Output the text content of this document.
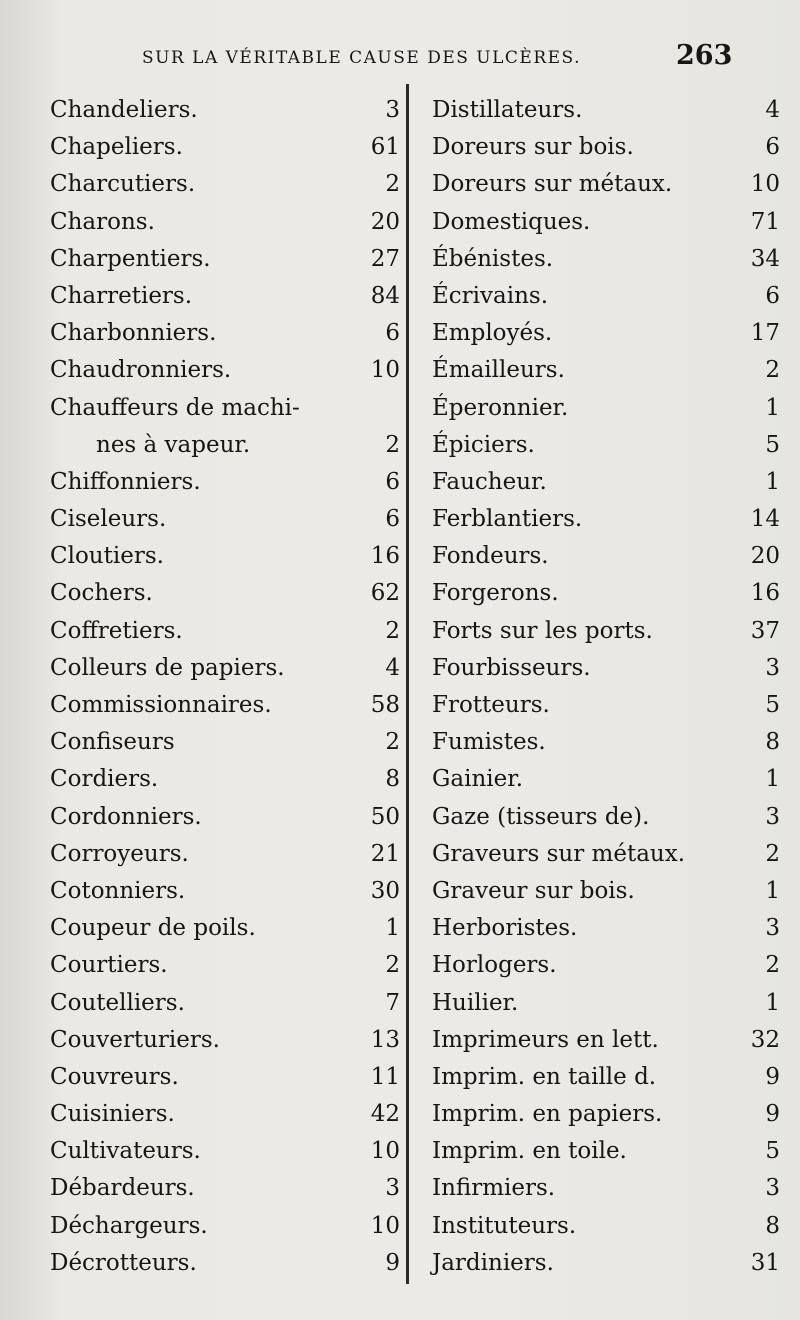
SUR LA VÉRITABLE CAUSE DES ULCÈRES.	263
Chandeliers.	3
Chapeliers.	61
Charcutiers.	2
Charons.	20
Charpentiers.	27
Charretiers.	84
Charbonniers.	6
Chaudronniers.	10
Chauffeurs de machi-
nes à vapeur.	2
Chiffonniers.	6
Ciseleurs.	6
Cloutiers.	16
Cochers.	62
Coffretiers.	2
Colleurs de papiers.	4
Commissionnaires.	58
Confiseurs	2
Cordiers.	8
Cordonniers.	50
Corroyeurs.	21
Cotonniers.	30
Coupeur de poils.	1
Courtiers.	2
Coutelliers.	7
Couverturiers.	13
Couvreurs.	11
Cuisiniers.	42
Cultivateurs.	10
Débardeurs.	3
Déchargeurs.	10
Décrotteurs.	9
Distillateurs.	4
Doreurs sur bois.	6
Doreurs sur métaux.	10
Domestiques.	71
Ébénistes.	34
Écrivains.	6
Employés.	17
Émailleurs.	2
Éperonnier.	1
Épiciers.	5
Faucheur.	1
Ferblantiers.	14
Fondeurs.	20
Forgerons.	16
Forts sur les ports.	37
Fourbisseurs.	3
Frotteurs.	5
Fumistes.	8
Gainier.	1
Gaze (tisseurs de).	3
Graveurs sur métaux.	2
Graveur sur bois.	1
Herboristes.	3
Horlogers.	2
Huilier.	1
Imprimeurs en lett.	32
Imprim. en taille d.	9
Imprim. en papiers.	9
Imprim. en toile.	5
Infirmiers.	3
Instituteurs.	8
Jardiniers.	31
